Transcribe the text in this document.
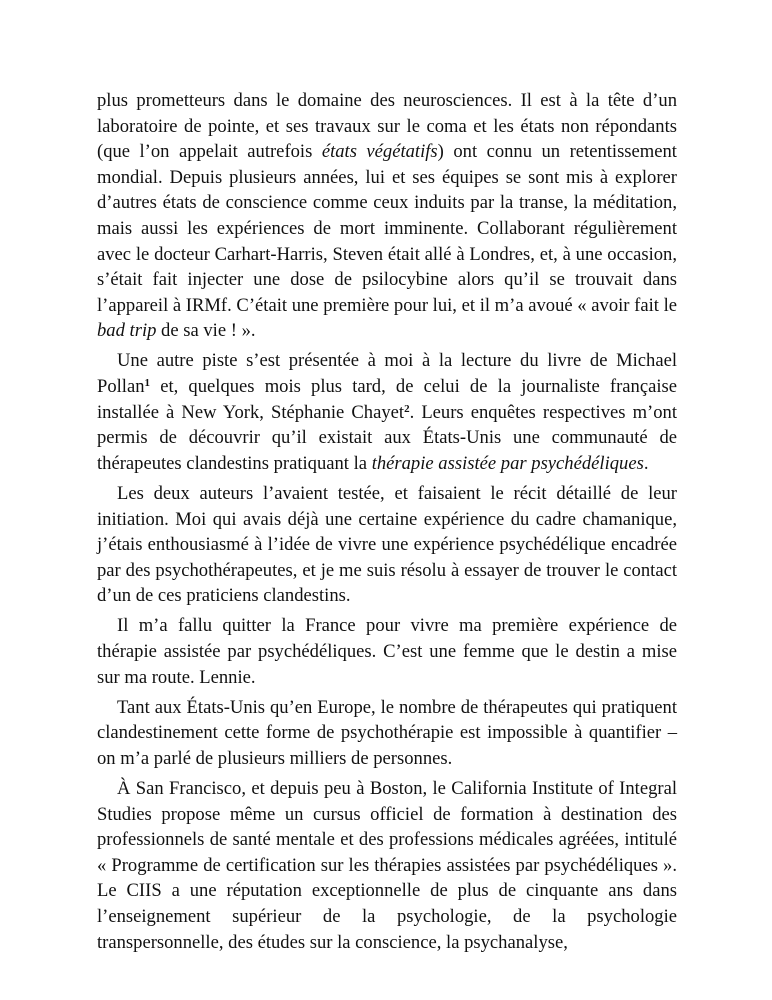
plus prometteurs dans le domaine des neurosciences. Il est à la tête d’un laboratoire de pointe, et ses travaux sur le coma et les états non répondants (que l’on appelait autrefois états végétatifs) ont connu un retentissement mondial. Depuis plusieurs années, lui et ses équipes se sont mis à explorer d’autres états de conscience comme ceux induits par la transe, la méditation, mais aussi les expériences de mort imminente. Collaborant régulièrement avec le docteur Carhart-Harris, Steven était allé à Londres, et, à une occasion, s’était fait injecter une dose de psilocybine alors qu’il se trouvait dans l’appareil à IRMf. C’était une première pour lui, et il m’a avoué « avoir fait le bad trip de sa vie ! ».

Une autre piste s’est présentée à moi à la lecture du livre de Michael Pollan$^1$ et, quelques mois plus tard, de celui de la journaliste française installée à New York, Stéphanie Chayet$^2$. Leurs enquêtes respectives m’ont permis de découvrir qu’il existait aux États-Unis une communauté de thérapeutes clandestins pratiquant la thérapie assistée par psychédéliques.

Les deux auteurs l’avaient testée, et faisaient le récit détaillé de leur initiation. Moi qui avais déjà une certaine expérience du cadre chamanique, j’étais enthousiasmé à l’idée de vivre une expérience psychédélique encadrée par des psychothérapeutes, et je me suis résolu à essayer de trouver le contact d’un de ces praticiens clandestins.

Il m’a fallu quitter la France pour vivre ma première expérience de thérapie assistée par psychédéliques. C’est une femme que le destin a mise sur ma route. Lennie.

Tant aux États-Unis qu’en Europe, le nombre de thérapeutes qui pratiquent clandestinement cette forme de psychothérapie est impossible à quantifier – on m’a parlé de plusieurs milliers de personnes.

À San Francisco, et depuis peu à Boston, le California Institute of Integral Studies propose même un cursus officiel de formation à destination des professionnels de santé mentale et des professions médicales agréées, intitulé « Programme de certification sur les thérapies assistées par psychédéliques ». Le CIIS a une réputation exceptionnelle de plus de cinquante ans dans l’enseignement supérieur de la psychologie, de la psychologie transpersonnelle, des études sur la conscience, la psychanalyse,
